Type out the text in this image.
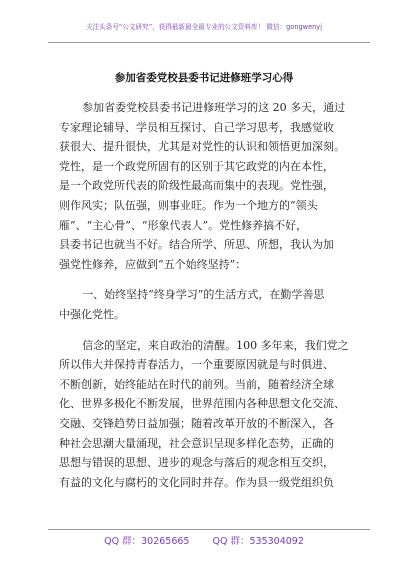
关注头条号“公文研究”，获得最新最全最专业的公文资料库！ 微信：gongwenyj
参加省委党校县委书记进修班学习心得

参加省委党校县委书记进修班学习的这 20 多天，通过
专家理论辅导、学员相互探讨、自己学习思考，我感觉收
获很大、提升很快，尤其是对党性的认识和领悟更加深刻。
党性，是一个政党所固有的区别于其它政党的内在本性，
是一个政党所代表的阶级性最高而集中的表现。党性强，
则作风实；队伍强，则事业旺。作为一个地方的“领头
雁”、“主心骨”、“形象代表人”。党性修养搞不好，
县委书记也就当不好。结合所学、所思、所想，我认为加
强党性修养，应做到“五个始终坚持”：

一、始终坚持“终身学习”的生活方式，在勤学善思
中强化党性。

信念的坚定，来自政治的清醒。100 多年来，我们党之
所以伟大并保持青春活力，一个重要原因就是与时俱进、
不断创新，始终能站在时代的前列。当前，随着经济全球
化、世界多极化不断发展，世界范围内各种思想文化交流、
交融、交锋趋势日益加强；随着改革开放的不断深入，各
种社会思潮大量涌现，社会意识呈现多样化态势，正确的
思想与错误的思想、进步的观念与落后的观念相互交织，
有益的文化与腐朽的文化同时并存。作为县一级党组织负

QQ 群：30265665 QQ 群：535304092
